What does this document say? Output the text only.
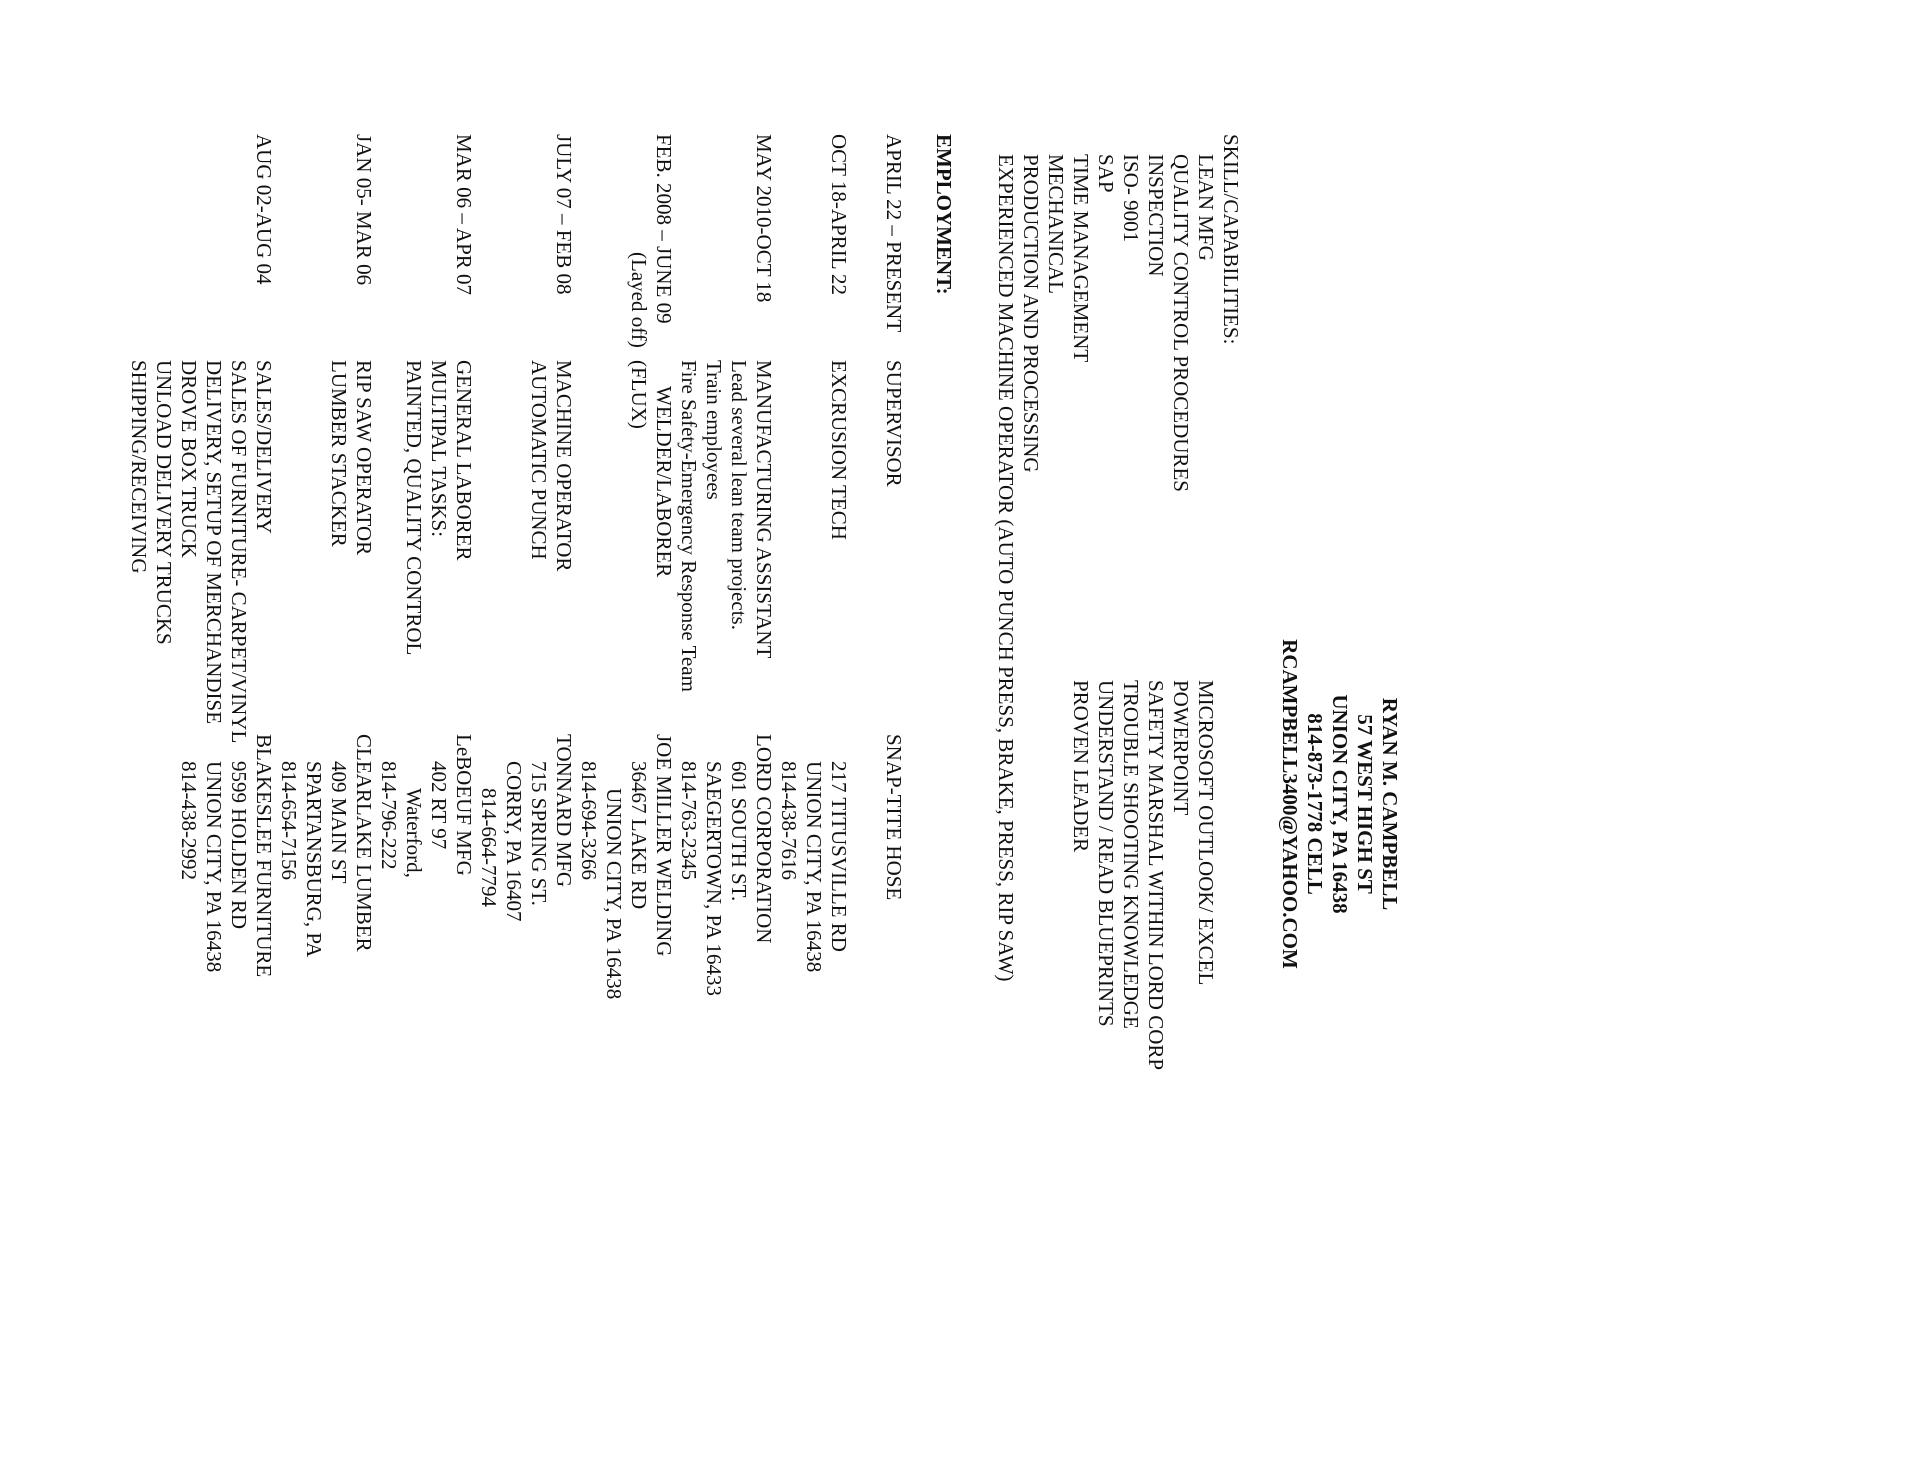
RYAN M. CAMPBELL
57 WEST HIGH ST
UNION CITY, PA 16438
814-873-1778 CELL
RCAMPBELL3400@YAHOO.COM
SKILL/CAPABILITIES:
LEAN MFG
QUALITY CONTROL PROCEDURES
INSPECTION
ISO- 9001
SAP
TIME MANAGEMENT
MECHANICAL
PRODUCTION AND PROCESSING
EXPERIENCED MACHINE OPERATOR (AUTO PUNCH PRESS, BRAKE, PRESS, RIP SAW)	MICROSOFT OUTLOOK/ EXCEL
POWERPOINT
SAFETY MARSHAL WITHIN LORD CORP
TROUBLE SHOOTING KNOWLEDGE
UNDERSTAND / READ BLUEPRINTS
PROVEN LEADER
EMPLOYMENT:
APRIL 22 – PRESENT
SUPERVISOR
SNAP-TITE HOSE
OCT 18-APRIL 22
EXCRUSION TECH
217 TITUSVILLE RD
UNION CITY, PA 16438
814-438-7616
MAY 2010-OCT 18
MANUFACTURING ASSISTANT
Lead several lean team projects.
Train employees
Fire Safety-Emergency Response Team
LORD CORPORATION
601 SOUTH ST.
SAEGERTOWN, PA 16433
814-763-2345
FEB. 2008 – JUNE 09
(Layed off)
WELDER/LABORER
(FLUX)
JOE MILLER WELDING
36467 LAKE RD
UNION CITY, PA 16438
814-694-3266
JULY 07 – FEB 08
MACHINE OPERATOR
AUTOMATIC PUNCH
TONNARD MFG
715 SPRING ST.
CORRY, PA 16407
814-664-7794
MAR 06 – APR 07
GENERAL LABORER
MULTIPAL TASKS:
PAINTED, QUALITY CONTROL
LeBOEUF MFG
402 RT 97
Waterford,
814-796-222
JAN 05- MAR 06
RIP SAW OPERATOR
LUMBER STACKER
CLEARLAKE LUMBER
409 MAIN ST
SPARTANSBURG, PA
814-654-7156
AUG 02-AUG 04
SALES/DELIVERY
SALES OF FURNITURE- CARPET/VINYL
DELIVERY, SETUP OF MERCHANDISE
DROVE BOX TRUCK
UNLOAD DELIVERY TRUCKS
SHIPPING/RECEIVING
BLAKESLEE FURNITURE
9599 HOLDEN RD
UNION CITY, PA 16438
814-438-2992
